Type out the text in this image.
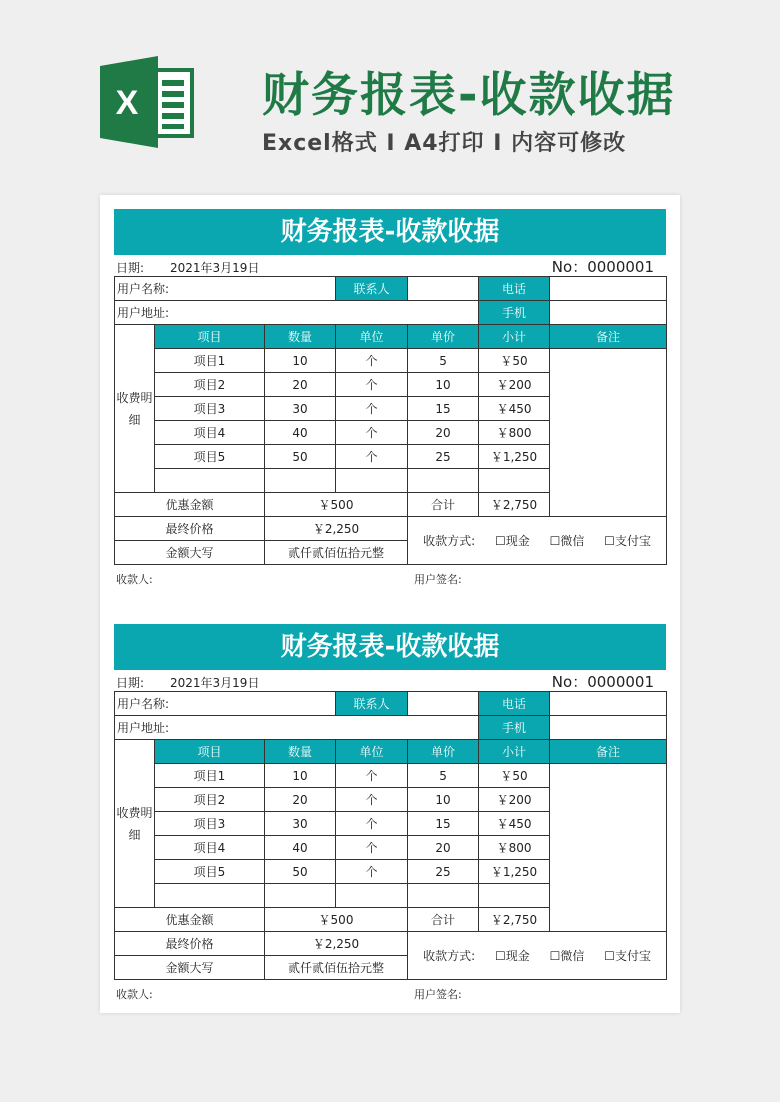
X	财务报表-收款收据
Excel格式 I A4打印 I 内容可修改
财务报表-收款收据
日期: 2021年3月19日	No：0000001
用户名称:			联系人		电话	
用户地址:					手机	
收费明细	项目	数量	单位	单价	小计	备注
	项目1	10	个	5	￥50	
	项目2	20	个	10	￥200	
	项目3	30	个	15	￥450	
	项目4	40	个	20	￥800	
	项目5	50	个	25	￥1,250	

优惠金额		￥500		合计	￥2,750	
最终价格		￥2,250		收款方式: ☐现金 ☐微信 ☐支付宝		
金额大写		贰仟贰佰伍拾元整				
收款人:	用户签名:
财务报表-收款收据
日期: 2021年3月19日	No：0000001
用户名称:			联系人		电话	
用户地址:					手机	
收费明细	项目	数量	单位	单价	小计	备注
	项目1	10	个	5	￥50	
	项目2	20	个	10	￥200	
	项目3	30	个	15	￥450	
	项目4	40	个	20	￥800	
	项目5	50	个	25	￥1,250	

优惠金额		￥500		合计	￥2,750	
最终价格		￥2,250		收款方式: ☐现金 ☐微信 ☐支付宝		
金额大写		贰仟贰佰伍拾元整				
收款人:	用户签名:
